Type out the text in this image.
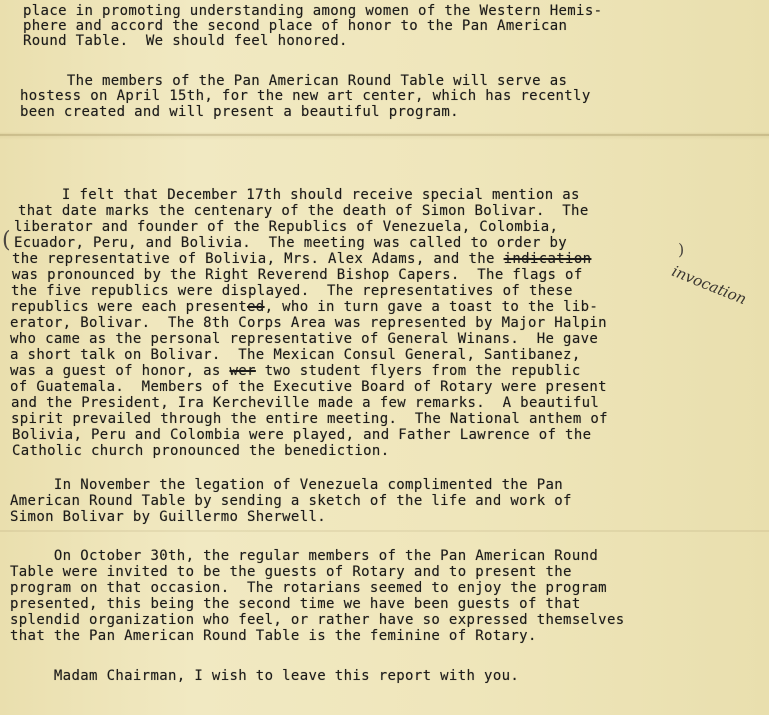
place in promoting understanding among women of the Western Hemis-

phere and accord the second place of honor to the Pan American

Round Table.  We should feel honored.

The members of the Pan American Round Table will serve as

hostess on April 15th, for the new art center, which has recently

been created and will present a beautiful program.

I felt that December 17th should receive special mention as

that date marks the centenary of the death of Simon Bolivar.  The

liberator and founder of the Republics of Venezuela, Colombia,

Ecuador, Peru, and Bolivia.  The meeting was called to order by

the representative of Bolivia, Mrs. Alex Adams, and the indication

was pronounced by the Right Reverend Bishop Capers.  The flags of

the five republics were displayed.  The representatives of these

republics were each presented, who in turn gave a toast to the lib-

erator, Bolivar.  The 8th Corps Area was represented by Major Halpin

who came as the personal representative of General Winans.  He gave

a short talk on Bolivar.  The Mexican Consul General, Santibanez,

was a guest of honor, as wer two student flyers from the republic

of Guatemala.  Members of the Executive Board of Rotary were present

and the President, Ira Kercheville made a few remarks.  A beautiful

spirit prevailed through the entire meeting.  The National anthem of

Bolivia, Peru and Colombia were played, and Father Lawrence of the

Catholic church pronounced the benediction.

In November the legation of Venezuela complimented the Pan

American Round Table by sending a sketch of the life and work of

Simon Bolivar by Guillermo Sherwell.

On October 30th, the regular members of the Pan American Round

Table were invited to be the guests of Rotary and to present the

program on that occasion.  The rotarians seemed to enjoy the program

presented, this being the second time we have been guests of that

splendid organization who feel, or rather have so expressed themselves

that the Pan American Round Table is the feminine of Rotary.

Madam Chairman, I wish to leave this report with you.

invocation
(	)
